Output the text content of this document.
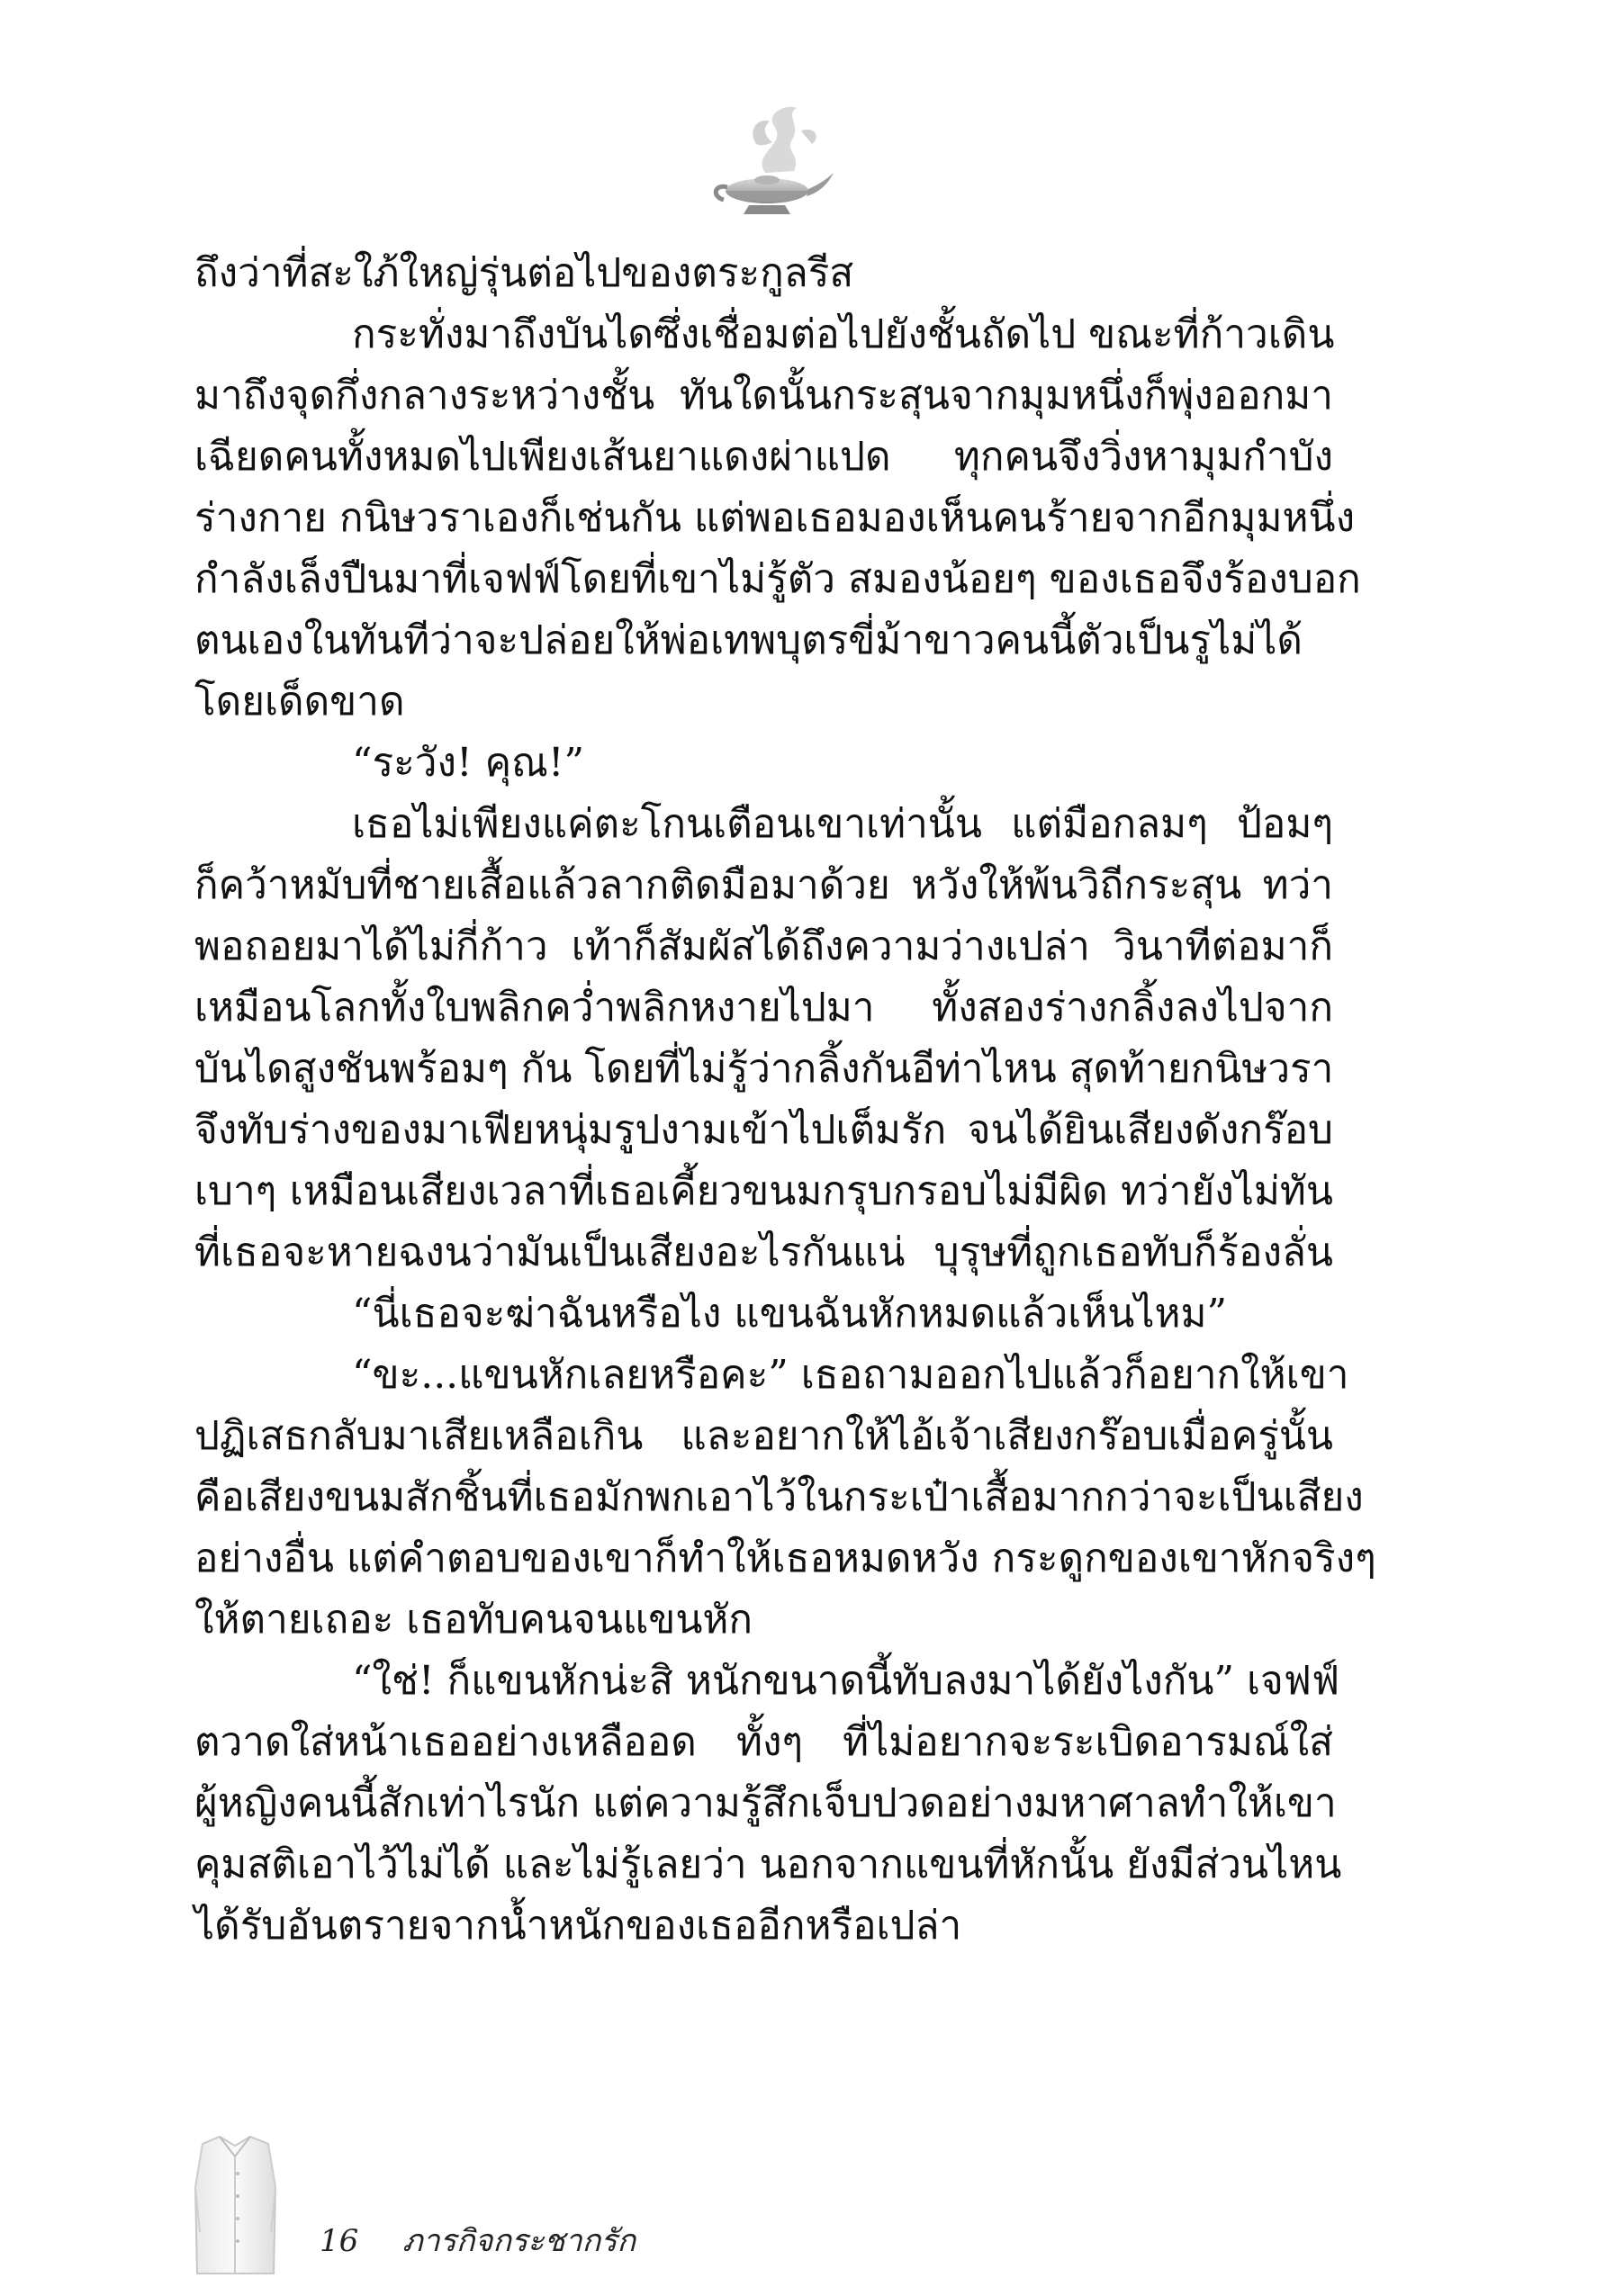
ถึงว่าที่สะใภ้ใหญ่รุ่นต่อไปของตระกูลรีส
กระทั่งมาถึงบันไดซึ่งเชื่อมต่อไปยังชั้นถัดไป ขณะที่ก้าวเดิน
มาถึงจุดกึ่งกลางระหว่างชั้น ทันใดนั้นกระสุนจากมุมหนึ่งก็พุ่งออกมา
เฉียดคนทั้งหมดไปเพียงเส้นยาแดงผ่าแปด ทุกคนจึงวิ่งหามุมกำบัง
ร่างกาย กนิษวราเองก็เช่นกัน แต่พอเธอมองเห็นคนร้ายจากอีกมุมหนึ่ง
กำลังเล็งปืนมาที่เจฟฟ์โดยที่เขาไม่รู้ตัว สมองน้อยๆ ของเธอจึงร้องบอก
ตนเองในทันทีว่าจะปล่อยให้พ่อเทพบุตรขี่ม้าขาวคนนี้ตัวเป็นรูไม่ได้
โดยเด็ดขาด
“ระวัง! คุณ!”
เธอไม่เพียงแค่ตะโกนเตือนเขาเท่านั้น แต่มือกลมๆ ป้อมๆ
ก็คว้าหมับที่ชายเสื้อแล้วลากติดมือมาด้วย หวังให้พ้นวิถีกระสุน ทว่า
พอถอยมาได้ไม่กี่ก้าว เท้าก็สัมผัสได้ถึงความว่างเปล่า วินาทีต่อมาก็
เหมือนโลกทั้งใบพลิกคว่ำพลิกหงายไปมา ทั้งสองร่างกลิ้งลงไปจาก
บันไดสูงชันพร้อมๆ กัน โดยที่ไม่รู้ว่ากลิ้งกันอีท่าไหน สุดท้ายกนิษวรา
จึงทับร่างของมาเฟียหนุ่มรูปงามเข้าไปเต็มรัก จนได้ยินเสียงดังกร๊อบ
เบาๆ เหมือนเสียงเวลาที่เธอเคี้ยวขนมกรุบกรอบไม่มีผิด ทว่ายังไม่ทัน
ที่เธอจะหายฉงนว่ามันเป็นเสียงอะไรกันแน่ บุรุษที่ถูกเธอทับก็ร้องลั่น
“นี่เธอจะฆ่าฉันหรือไง แขนฉันหักหมดแล้วเห็นไหม”
“ขะ...แขนหักเลยหรือคะ” เธอถามออกไปแล้วก็อยากให้เขา
ปฏิเสธกลับมาเสียเหลือเกิน และอยากให้ไอ้เจ้าเสียงกร๊อบเมื่อครู่นั้น
คือเสียงขนมสักชิ้นที่เธอมักพกเอาไว้ในกระเป๋าเสื้อมากกว่าจะเป็นเสียง
อย่างอื่น แต่คำตอบของเขาก็ทำให้เธอหมดหวัง กระดูกของเขาหักจริงๆ
ให้ตายเถอะ เธอทับคนจนแขนหัก
“ใช่! ก็แขนหักน่ะสิ หนักขนาดนี้ทับลงมาได้ยังไงกัน” เจฟฟ์
ตวาดใส่หน้าเธออย่างเหลืออด ทั้งๆ ที่ไม่อยากจะระเบิดอารมณ์ใส่
ผู้หญิงคนนี้สักเท่าไรนัก แต่ความรู้สึกเจ็บปวดอย่างมหาศาลทำให้เขา
คุมสติเอาไว้ไม่ได้ และไม่รู้เลยว่า นอกจากแขนที่หักนั้น ยังมีส่วนไหน
ได้รับอันตรายจากน้ำหนักของเธออีกหรือเปล่า
16 ภารกิจกระชากรัก
